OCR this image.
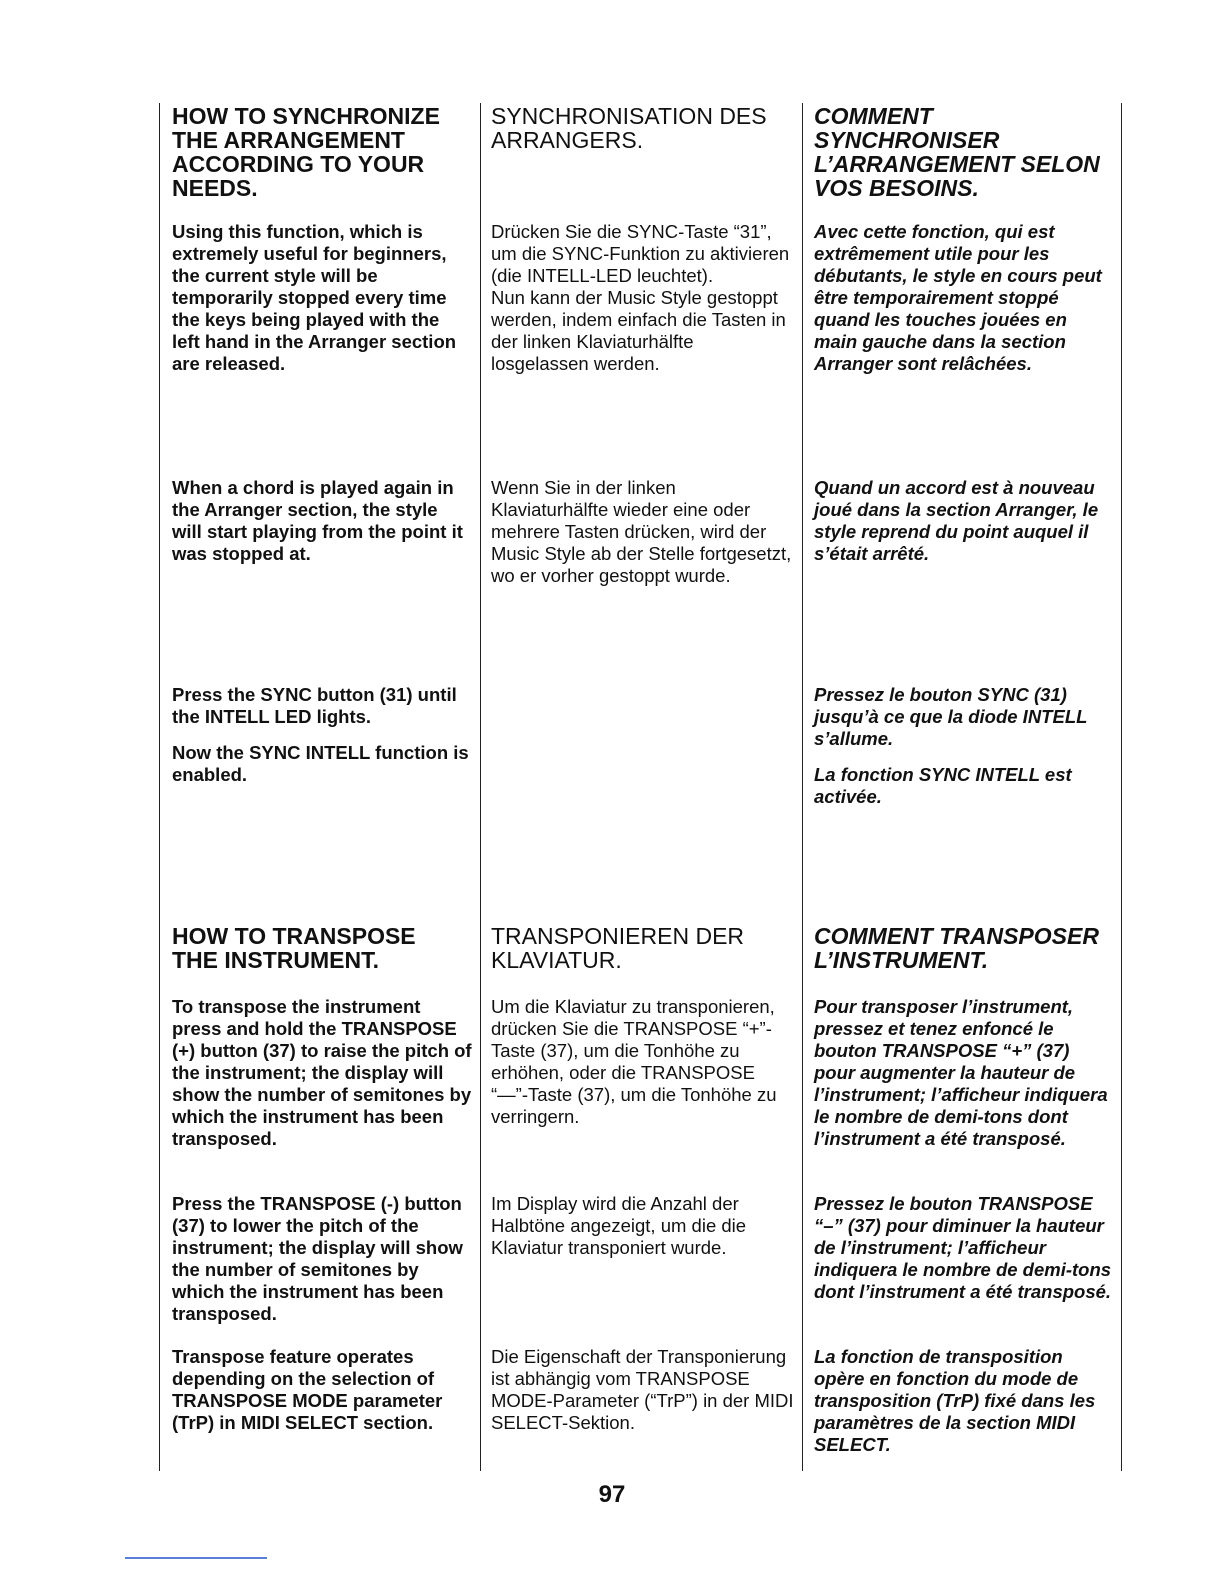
HOW TO SYNCHRONIZE THE ARRANGEMENT ACCORDING TO YOUR NEEDS.
SYNCHRONISATION DES ARRANGERS.
COMMENT SYNCHRONISER L’ARRANGEMENT SELON VOS BESOINS.

Using this function, which is extremely useful for beginners, the current style will be temporarily stopped every time the keys being played with the left hand in the Arranger section are released.

Drücken Sie die SYNC-Taste “31”, um die SYNC-Funktion zu aktivieren (die INTELL-LED leuchtet).

Nun kann der Music Style gestoppt werden, indem einfach die Tasten in der linken Klaviaturhälfte losgelassen werden.

Avec cette fonction, qui est extrêmement utile pour les débutants, le style en cours peut être temporairement stoppé quand les touches jouées en main gauche dans la section Arranger sont relâchées.

When a chord is played again in the Arranger section, the style will start playing from the point it was stopped at.

Wenn Sie in der linken Klaviaturhälfte wieder eine oder mehrere Tasten drücken, wird der Music Style ab der Stelle fortgesetzt, wo er vorher gestoppt wurde.

Quand un accord est à nouveau joué dans la section Arranger, le style reprend du point auquel il s’était arrêté.

Press the SYNC button (31) until the INTELL LED lights.

Now the SYNC INTELL function is enabled.

Pressez le bouton SYNC (31) jusqu’à ce que la diode INTELL s’allume.

La fonction SYNC INTELL est activée.

HOW TO TRANSPOSE THE INSTRUMENT.
TRANSPONIEREN DER KLAVIATUR.
COMMENT TRANSPOSER L’INSTRUMENT.

To transpose the instrument press and hold the TRANSPOSE (+) button (37) to raise the pitch of the instrument; the display will show the number of semitones by which the instrument has been transposed.

Um die Klaviatur zu transponieren, drücken Sie die TRANSPOSE “+”-Taste (37), um die Tonhöhe zu erhöhen, oder die TRANSPOSE “—”-Taste (37), um die Tonhöhe zu verringern.

Pour transposer l’instrument, pressez et tenez enfoncé le bouton TRANSPOSE “+” (37) pour augmenter la hauteur de l’instrument; l’afficheur indiquera le nombre de demi-tons dont l’instrument a été transposé.

Press the TRANSPOSE (-) button (37) to lower the pitch of the instrument; the display will show the number of semitones by which the instrument has been transposed.

Im Display wird die Anzahl der Halbtöne angezeigt, um die die Klaviatur transponiert wurde.

Pressez le bouton TRANSPOSE “–” (37) pour diminuer la hauteur de l’instrument; l’afficheur indiquera le nombre de demi-tons dont l’instrument a été transposé.

Transpose feature operates depending on the selection of TRANSPOSE MODE parameter (TrP) in MIDI SELECT section.

Die Eigenschaft der Transponierung ist abhängig vom TRANSPOSE MODE-Parameter (“TrP”) in der MIDI SELECT-Sektion.

La fonction de transposition opère en fonction du mode de transposition (TrP) fixé dans les paramètres de la section MIDI SELECT.

97
